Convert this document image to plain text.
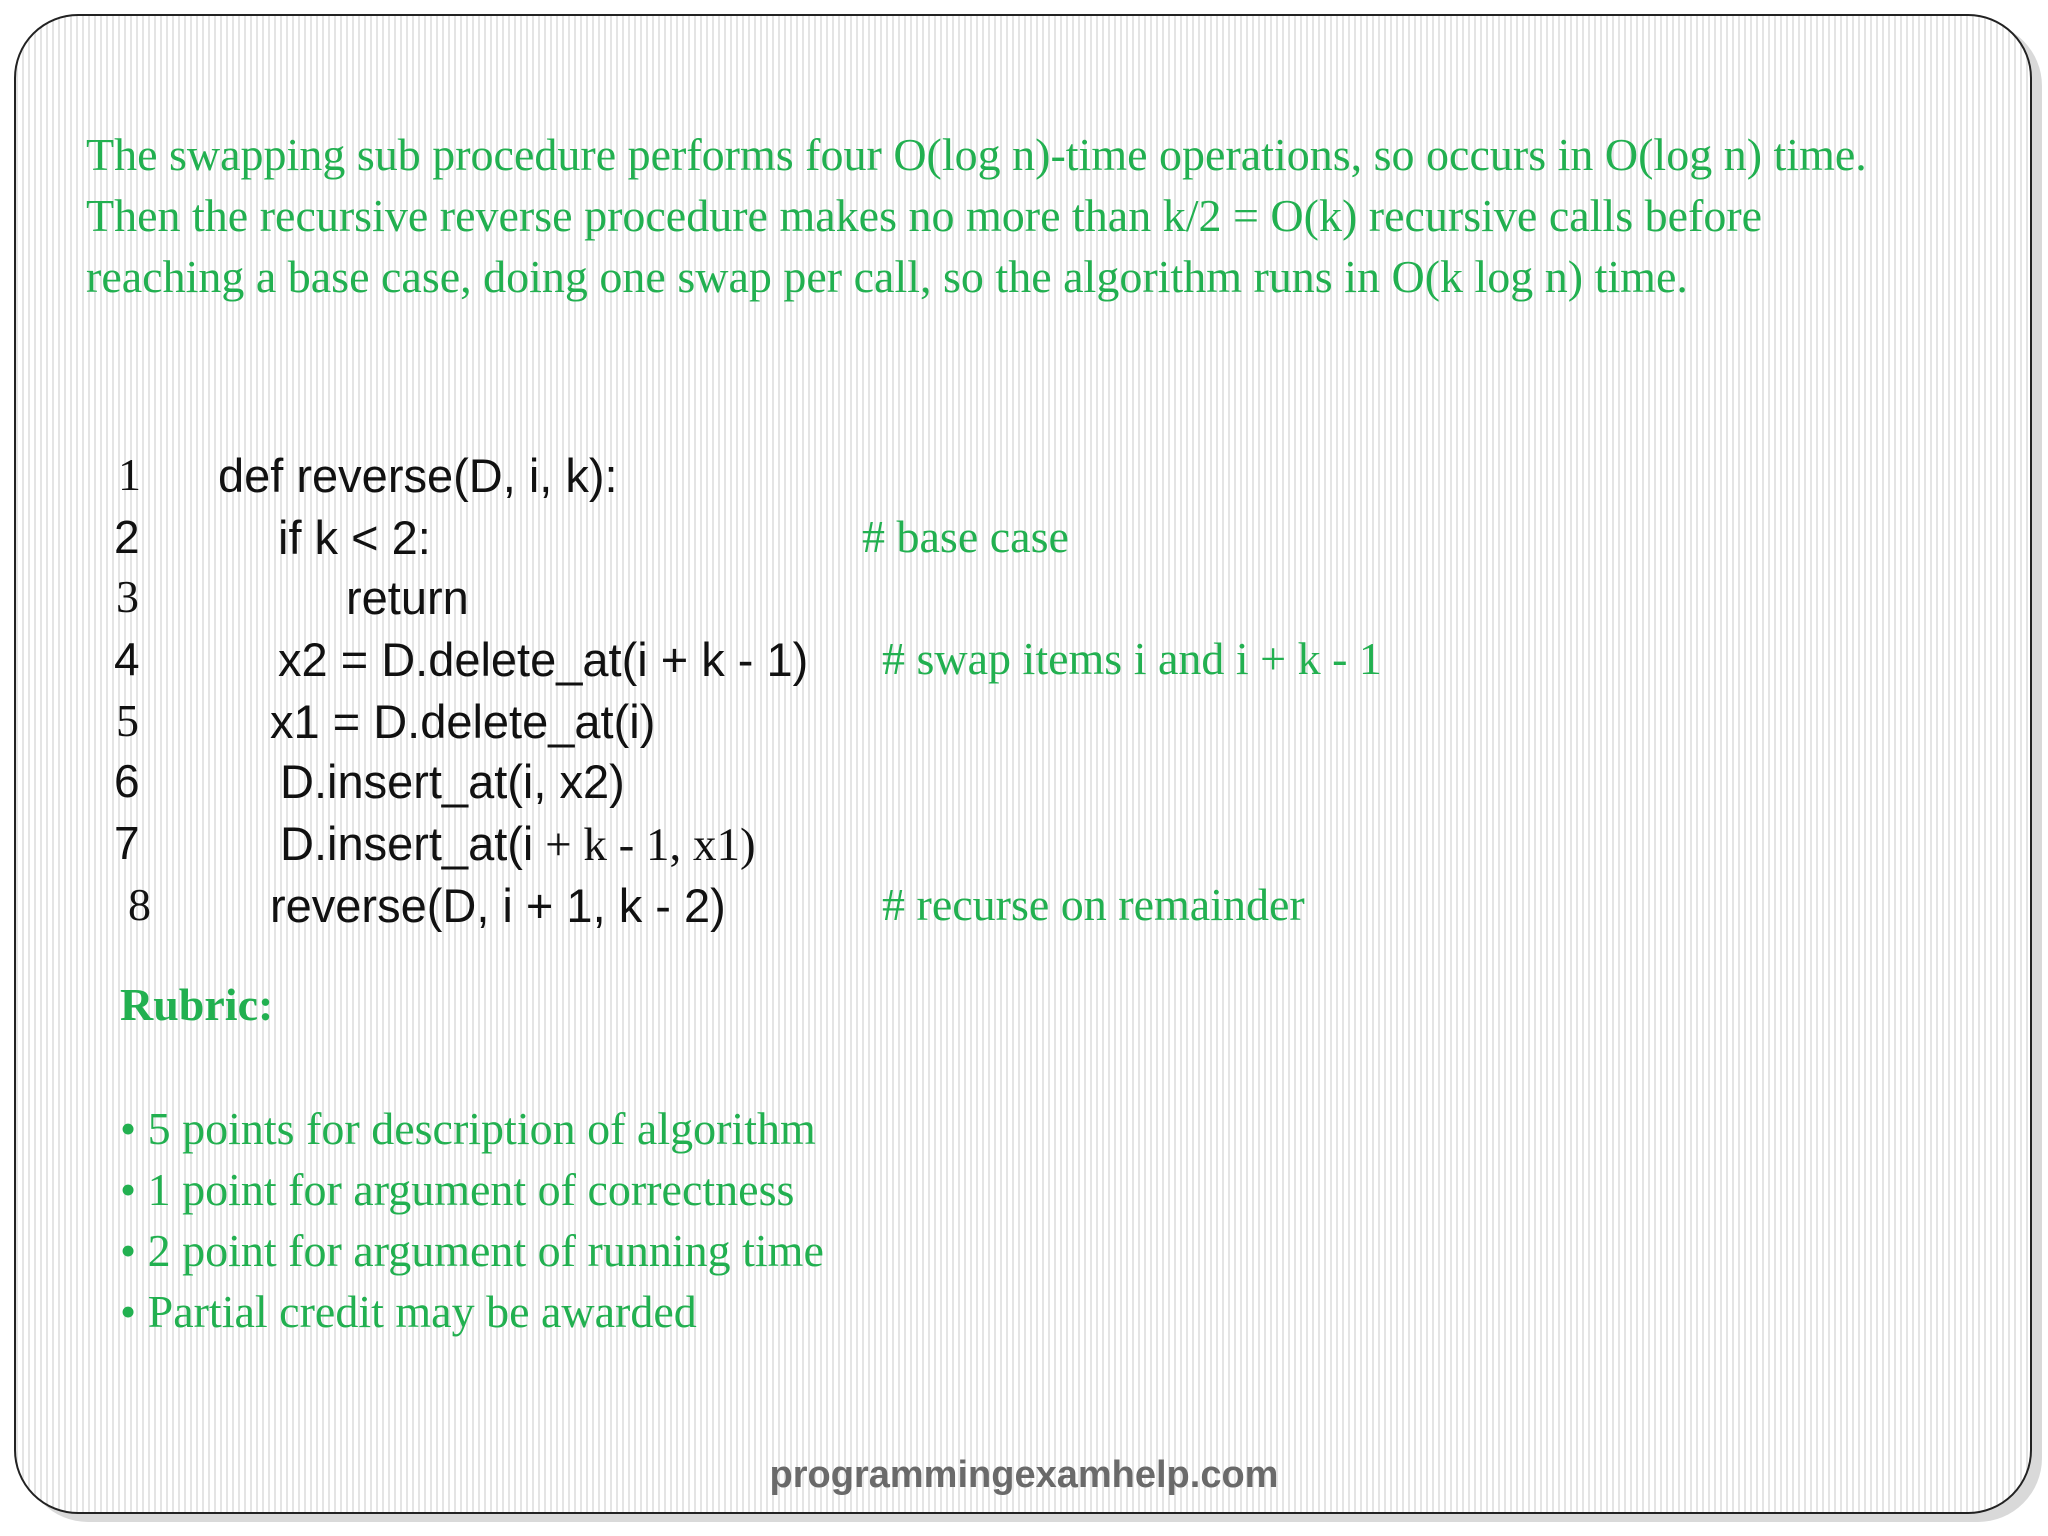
The swapping sub procedure performs four O(log n)-time operations, so occurs in O(log n) time. Then the recursive reverse procedure makes no more than k/2 = O(k) recursive calls before reaching a base case, doing one swap per call, so the algorithm runs in O(k log n) time.

1 def reverse(D, i, k):
2	if k < 2:	# base case
3	return
4	x2 = D.delete_at(i + k - 1) # swap items i and i + k - 1
5	x1 = D.delete_at(i)
6	D.insert_at(i, x2)
7	D.insert_at(i + k - 1, x1)
8	reverse(D, i + 1, k - 2)	# recurse on remainder

Rubric:

• 5 points for description of algorithm
• 1 point for argument of correctness
• 2 point for argument of running time
• Partial credit may be awarded
programmingexamhelp.com
